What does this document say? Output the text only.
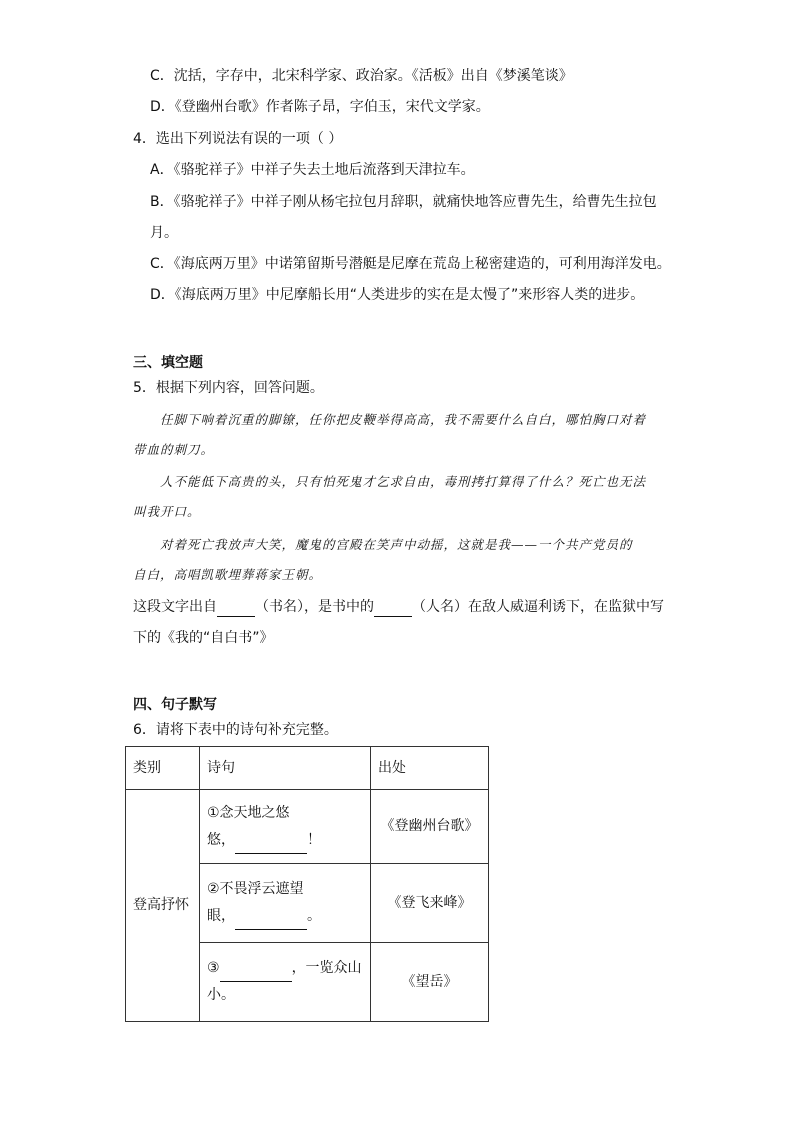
C．沈括，字存中，北宋科学家、政治家。《活板》出自《梦溪笔谈》
D．《登幽州台歌》作者陈子昂，字伯玉，宋代文学家。
4．选出下列说法有误的一项（ ）
A．《骆驼祥子》中祥子失去土地后流落到天津拉车。
B．《骆驼祥子》中祥子刚从杨宅拉包月辞职，就痛快地答应曹先生，给曹先生拉包
月。
C．《海底两万里》中诺第留斯号潜艇是尼摩在荒岛上秘密建造的，可利用海洋发电。
D．《海底两万里》中尼摩船长用“人类进步的实在是太慢了”来形容人类的进步。
三、填空题
5．根据下列内容，回答问题。
任脚下响着沉重的脚镣，任你把皮鞭举得高高，我不需要什么自白，哪怕胸口对着
带血的刺刀。
人不能低下高贵的头，只有怕死鬼才乞求自由，毒刑拷打算得了什么？死亡也无法
叫我开口。
对着死亡我放声大笑，魔鬼的宫殿在笑声中动摇，这就是我——一个共产党员的
自白，高唱凯歌埋葬蒋家王朝。
这段文字出自	（书名），是书中的	（人名）在敌人威逼利诱下，在监狱中写
下的《我的“自白书”》
四、句子默写
6．请将下表中的诗句补充完整。
类别	诗句	出处
登高抒怀	①念天地之悠
悠， ！	《登幽州台歌》

	②不畏浮云遮望
眼， 。	《登飞来峰》

	③ ，一览众山
小。	《望岳》
